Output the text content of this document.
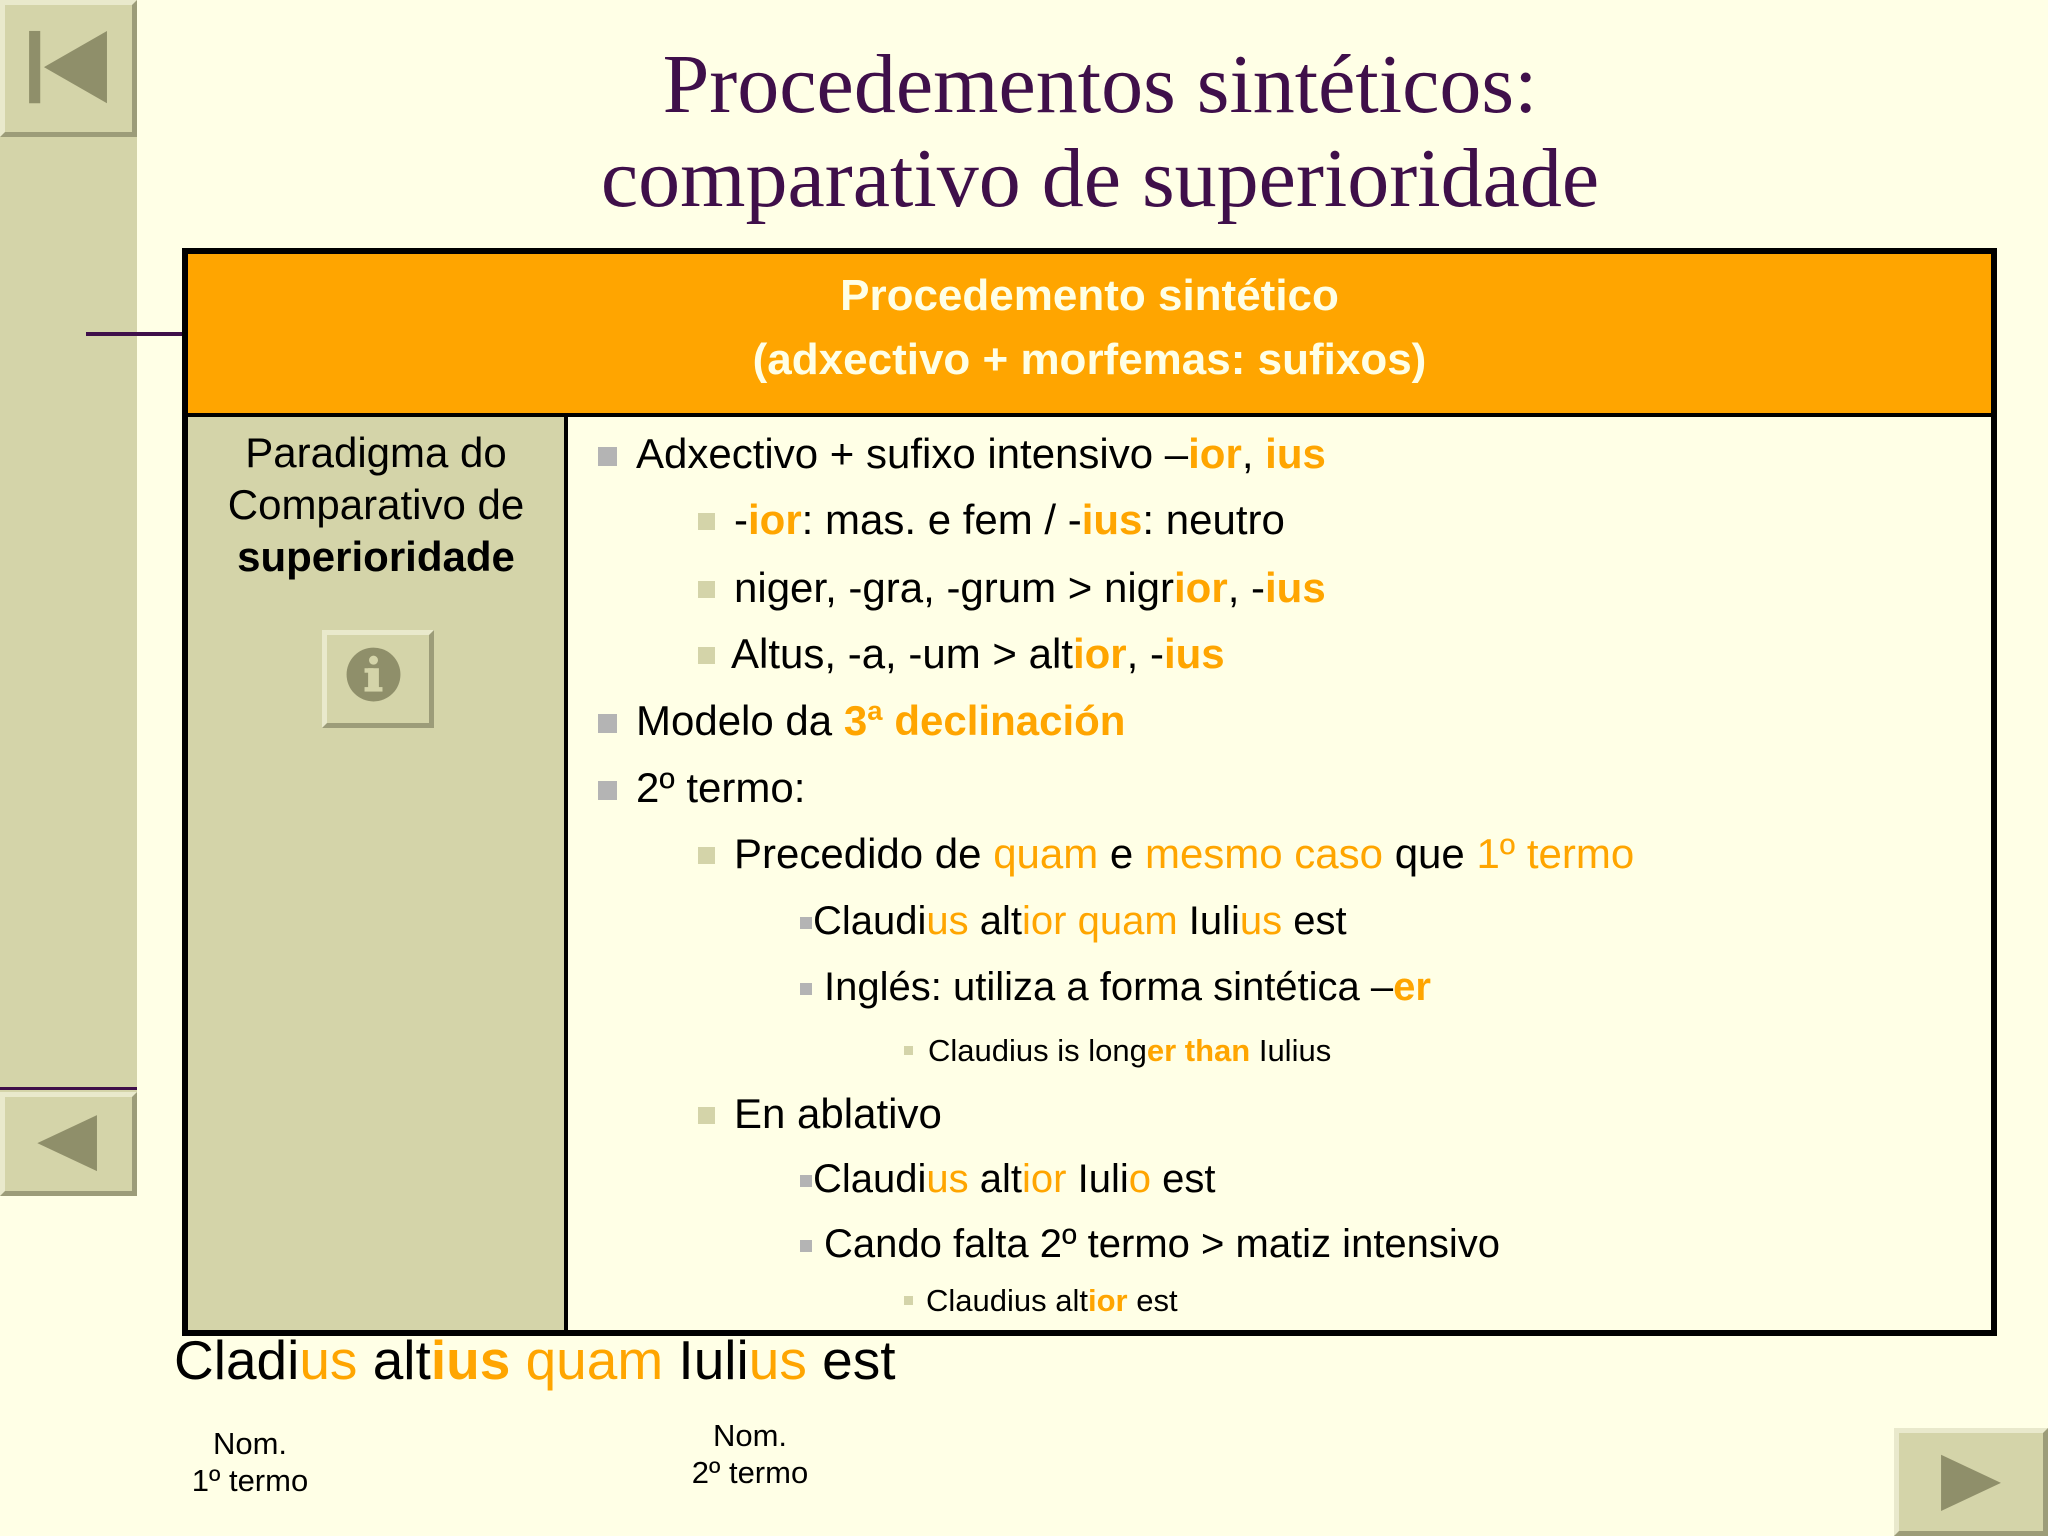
Procedementos sintéticos:
comparativo de superioridade
Procedemento sintético
(adxectivo + morfemas: sufixos)
Paradigma do
Comparativo de
superioridade
Adxectivo + sufixo intensivo –ior, ius
-ior: mas. e fem / -ius: neutro
niger, -gra, -grum > nigrior, -ius
Altus, -a, -um > altior, -ius
Modelo da 3ª declinación
2º termo:
Precedido de quam e mesmo caso que 1º termo
Claudius altior quam Iulius est
Inglés: utiliza a forma sintética –er
Claudius is longer than Iulius
En ablativo
Claudius altior Iulio est
Cando falta 2º termo > matiz intensivo
Claudius altior est
Cladius altius quam Iulius est
Nom.
1º termo
Nom.
2º termo
